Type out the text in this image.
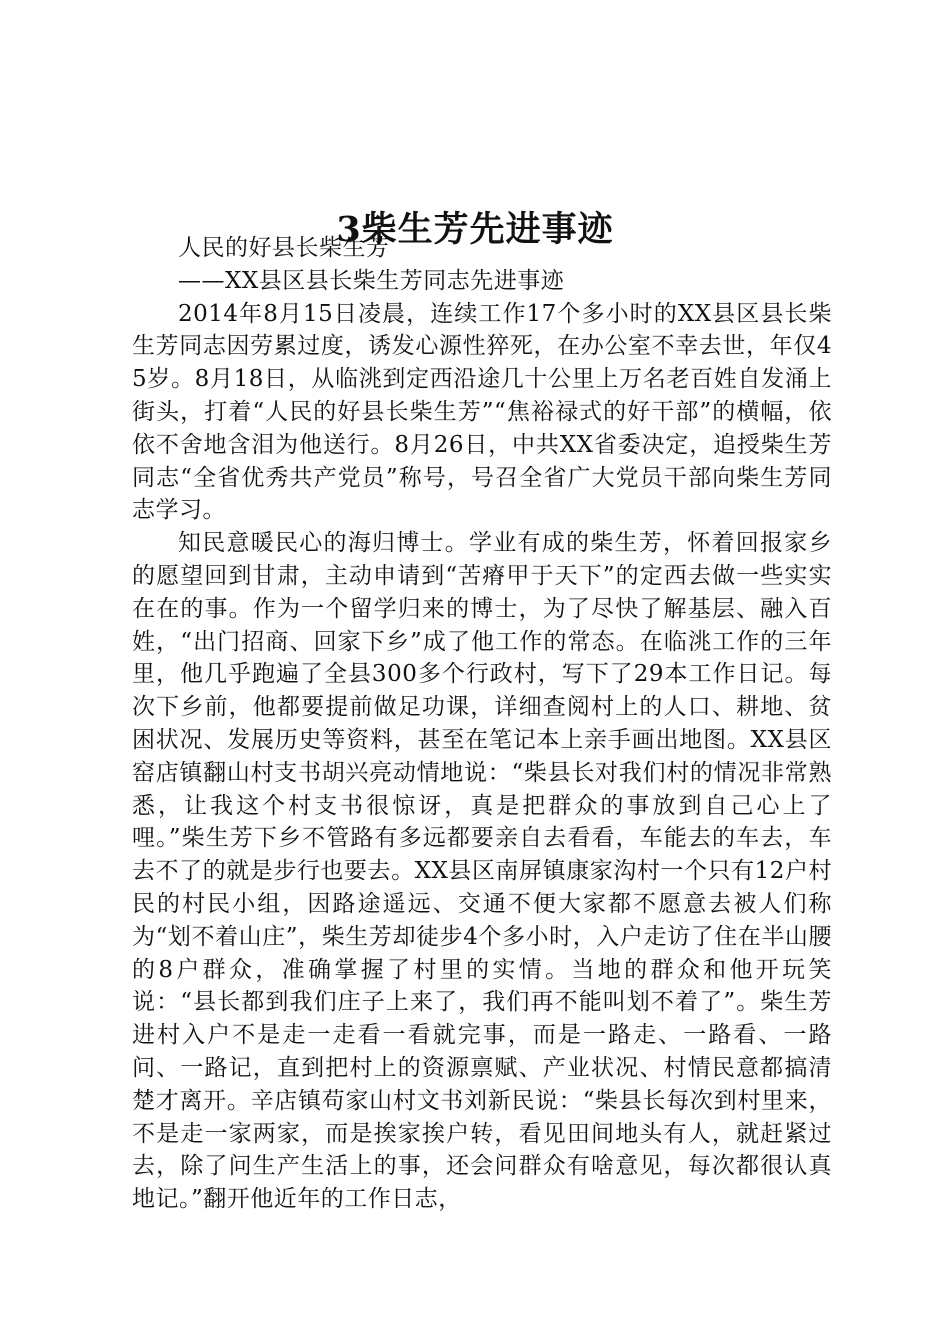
3柴生芳先进事迹

人民的好县长柴生芳

——XX县区县长柴生芳同志先进事迹

2014年8月15日凌晨，连续工作17个多小时的XX县区县长柴生芳同志因劳累过度，诱发心源性猝死，在办公室不幸去世，年仅45岁。8月18日，从临洮到定西沿途几十公里上万名老百姓自发涌上街头，打着“人民的好县长柴生芳”“焦裕禄式的好干部”的横幅，依依不舍地含泪为他送行。8月26日，中共XX省委决定，追授柴生芳同志“全省优秀共产党员”称号，号召全省广大党员干部向柴生芳同志学习。

知民意暖民心的海归博士。学业有成的柴生芳，怀着回报家乡的愿望回到甘肃，主动申请到“苦瘠甲于天下”的定西去做一些实实在在的事。作为一个留学归来的博士，为了尽快了解基层、融入百姓，“出门招商、回家下乡”成了他工作的常态。在临洮工作的三年里，他几乎跑遍了全县300多个行政村，写下了29本工作日记。每次下乡前，他都要提前做足功课，详细查阅村上的人口、耕地、贫困状况、发展历史等资料，甚至在笔记本上亲手画出地图。XX县区窑店镇翻山村支书胡兴亮动情地说：“柴县长对我们村的情况非常熟悉，让我这个村支书很惊讶，真是把群众的事放到自己心上了哩。”柴生芳下乡不管路有多远都要亲自去看看，车能去的车去，车去不了的就是步行也要去。XX县区南屏镇康家沟村一个只有12户村民的村民小组，因路途遥远、交通不便大家都不愿意去被人们称为“划不着山庄”，柴生芳却徒步4个多小时，入户走访了住在半山腰的8户群众，准确掌握了村里的实情。当地的群众和他开玩笑说：“县长都到我们庄子上来了，我们再不能叫划不着了”。柴生芳进村入户不是走一走看一看就完事，而是一路走、一路看、一路问、一路记，直到把村上的资源禀赋、产业状况、村情民意都搞清楚才离开。辛店镇苟家山村文书刘新民说：“柴县长每次到村里来，不是走一家两家，而是挨家挨户转，看见田间地头有人，就赶紧过去，除了问生产生活上的事，还会问群众有啥意见，每次都很认真地记。”翻开他近年的工作日志，
